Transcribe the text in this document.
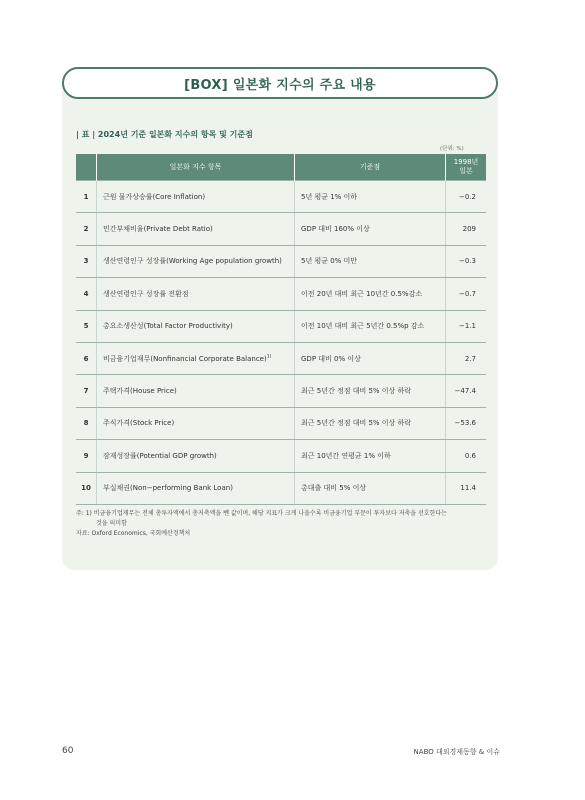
[BOX] 일본화 지수의 주요 내용
| 표 | 2024년 기준 일본화 지수의 항목 및 기준점
(단위: %)
	일본화 지수 항목	기준점	1998년
일본

1	근원 물가상승률(Core Inflation)	5년 평균 1% 이하	−0.2
2	민간부채비율(Private Debt Ratio)	GDP 대비 160% 이상	209
3	생산연령인구 성장률(Working Age population growth)	5년 평균 0% 미만	−0.3
4	생산연령인구 성장률 전환점	이전 20년 대비 최근 10년간 0.5%감소	−0.7
5	총요소생산성(Total Factor Productivity)	이전 10년 대비 최근 5년간 0.5%p 감소	−1.1
6	비금융기업재무(Nonfinancial Corporate Balance)$^{1)}$	GDP 대비 0% 이상	2.7
7	주택가격(House Price)	최근 5년간 정점 대비 5% 이상 하락	−47.4
8	주식가격(Stock Price)	최근 5년간 정점 대비 5% 이상 하락	−53.6
9	잠재성장률(Potential GDP growth)	최근 10년간 연평균 1% 이하	0.6
10	부실채권(Non−performing Bank Loan)	총대출 대비 5% 이상	11.4
주: 1) 비금융기업재무는 전체 총투자액에서 총저축액을 뺀 값이며, 해당 지표가 크게 나올수록 비금융기업 부문이 투자보다 저축을 선호한다는
것을 의미함
자료: Oxford Economics, 국회예산정책처
60	NABO 대외경제동향 & 이슈
